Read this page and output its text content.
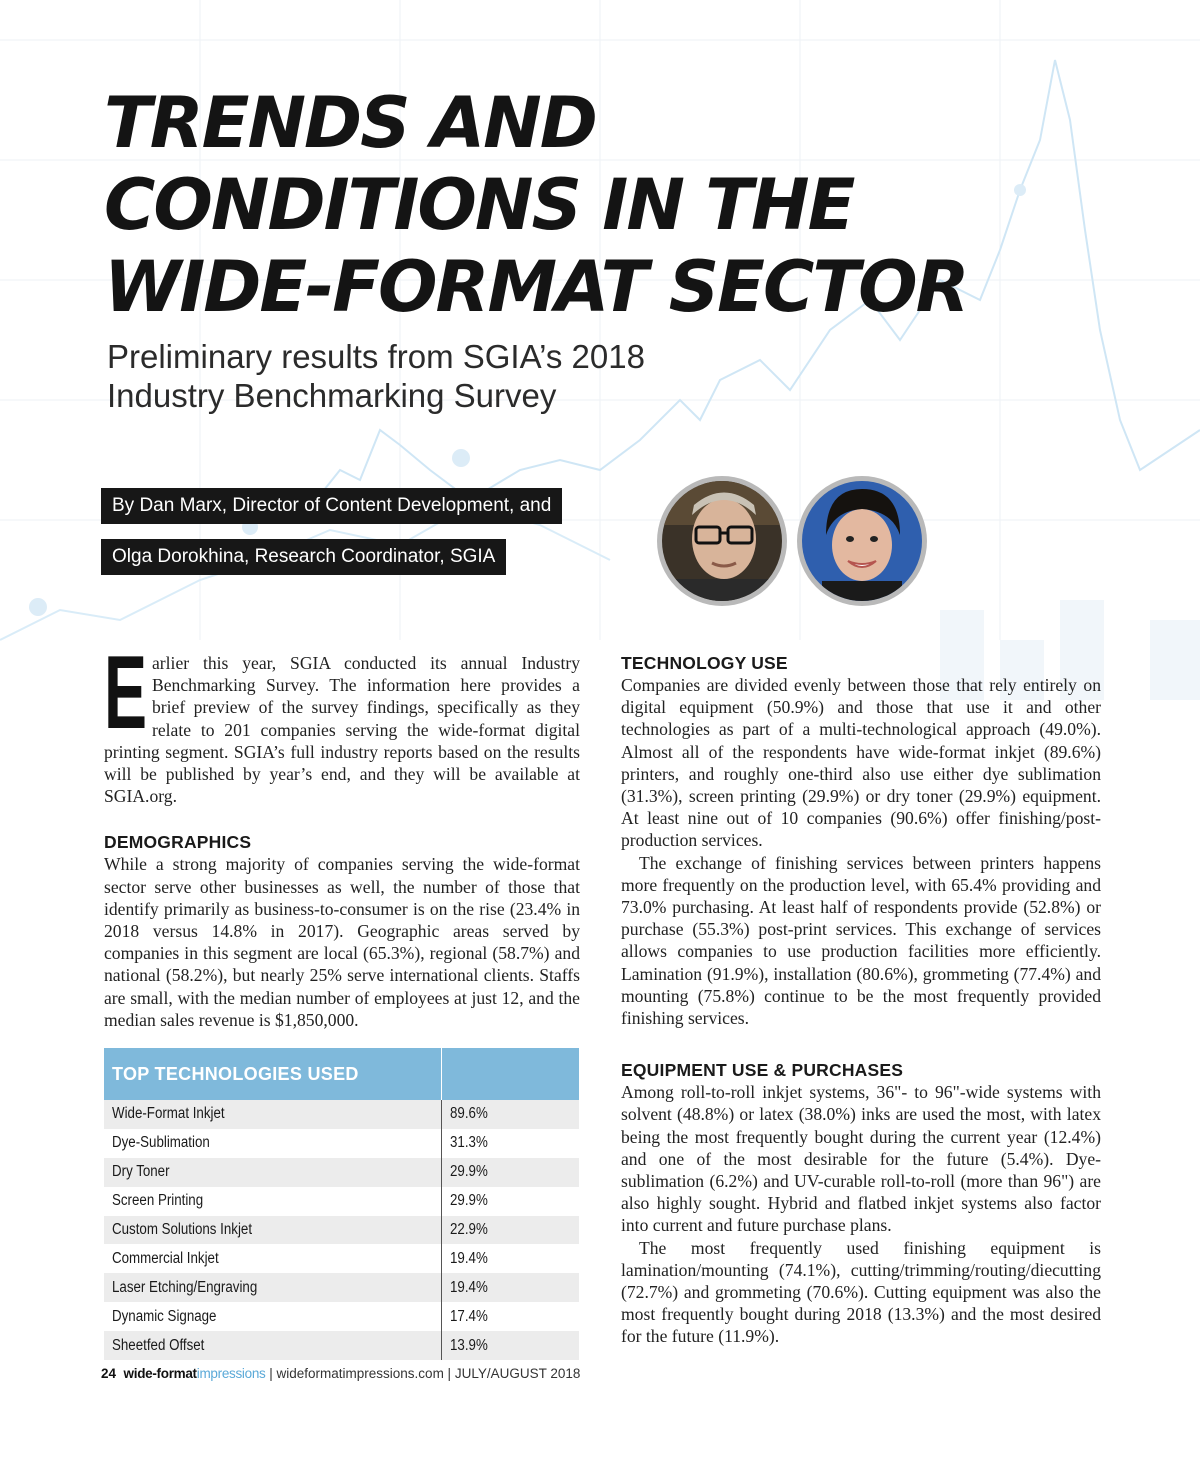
TRENDS AND
CONDITIONS IN THE
WIDE-FORMAT SECTOR
Preliminary results from SGIA’s 2018
Industry Benchmarking Survey
By Dan Marx, Director of Content Development, and
Olga Dorokhina, Research Coordinator, SGIA

Earlier this year, SGIA conducted its annual Industry Benchmarking Survey. The information here provides a brief preview of the survey findings, specifically as they relate to 201 companies serving the wide-format digital printing segment. SGIA’s full industry reports based on the results will be published by year’s end, and they will be available at SGIA.org.

DEMOGRAPHICS

While a strong majority of companies serving the wide-format sector serve other businesses as well, the number of those that identify primarily as business-to-consumer is on the rise (23.4% in 2018 versus 14.8% in 2017). Geographic areas served by companies in this segment are local (65.3%), regional (58.7%) and national (58.2%), but nearly 25% serve international clients. Staffs are small, with the median number of employees at just 12, and the median sales revenue is $1,850,000.

TOP TECHNOLOGIES USED	
Wide-Format Inkjet	89.6%
Dye-Sublimation	31.3%
Dry Toner	29.9%
Screen Printing	29.9%
Custom Solutions Inkjet	22.9%
Commercial Inkjet	19.4%
Laser Etching/Engraving	19.4%
Dynamic Signage	17.4%
Sheetfed Offset	13.9%
TECHNOLOGY USE

Companies are divided evenly between those that rely entirely on digital equipment (50.9%) and those that use it and other technologies as part of a multi-technological approach (49.0%). Almost all of the respondents have wide-format inkjet (89.6%) printers, and roughly one-third also use either dye sublimation (31.3%), screen printing (29.9%) or dry toner (29.9%) equipment. At least nine out of 10 companies (90.6%) offer finishing/post-production services.

The exchange of finishing services between printers happens more frequently on the production level, with 65.4% providing and 73.0% purchasing. At least half of respondents provide (52.8%) or purchase (55.3%) post-print services. This exchange of services allows companies to use production facilities more efficiently. Lamination (91.9%), installation (80.6%), grommeting (77.4%) and mounting (75.8%) continue to be the most frequently provided finishing services.

EQUIPMENT USE & PURCHASES

Among roll-to-roll inkjet systems, 36"- to 96"-wide systems with solvent (48.8%) or latex (38.0%) inks are used the most, with latex being the most frequently bought during the current year (12.4%) and one of the most desirable for the future (5.4%). Dye-sublimation (6.2%) and UV-curable roll-to-roll (more than 96") are also highly sought. Hybrid and flatbed inkjet systems also factor into current and future purchase plans.

The most frequently used finishing equipment is lamination/mounting (74.1%), cutting/trimming/routing/diecutting (72.7%) and grommeting (70.6%). Cutting equipment was also the most frequently bought during 2018 (13.3%) and the most desired for the future (11.9%).

24 wide-formatimpressions | wideformatimpressions.com | JULY/AUGUST 2018
